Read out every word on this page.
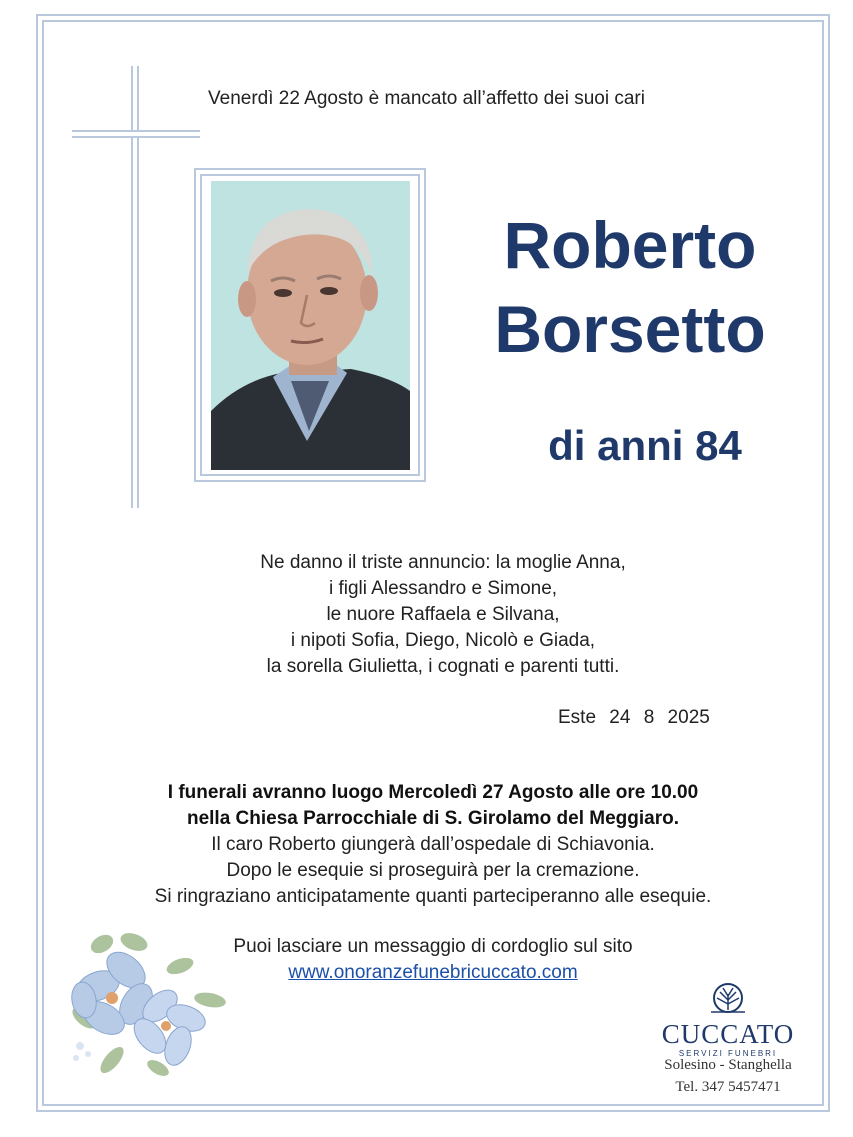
Venerdì 22 Agosto è mancato all’affetto dei suoi cari
Roberto
Borsetto
di anni 84
Ne danno il triste annuncio: la moglie Anna,
i figli Alessandro e Simone,
le nuore Raffaela e Silvana,
i nipoti Sofia, Diego, Nicolò e Giada,
la sorella Giulietta, i cognati e parenti tutti.
Este 24 8 2025
I funerali avranno luogo Mercoledì 27 Agosto alle ore 10.00
nella Chiesa Parrocchiale di S. Girolamo del Meggiaro.
Il caro Roberto giungerà dall’ospedale di Schiavonia.
Dopo le esequie si proseguirà per la cremazione.
Si ringraziano anticipatamente quanti parteciperanno alle esequie.
Puoi lasciare un messaggio di cordoglio sul sito
www.onoranzefunebricuccato.com
CUCCATO
SERVIZI FUNEBRI
Solesino - Stanghella
Tel. 347 5457471
